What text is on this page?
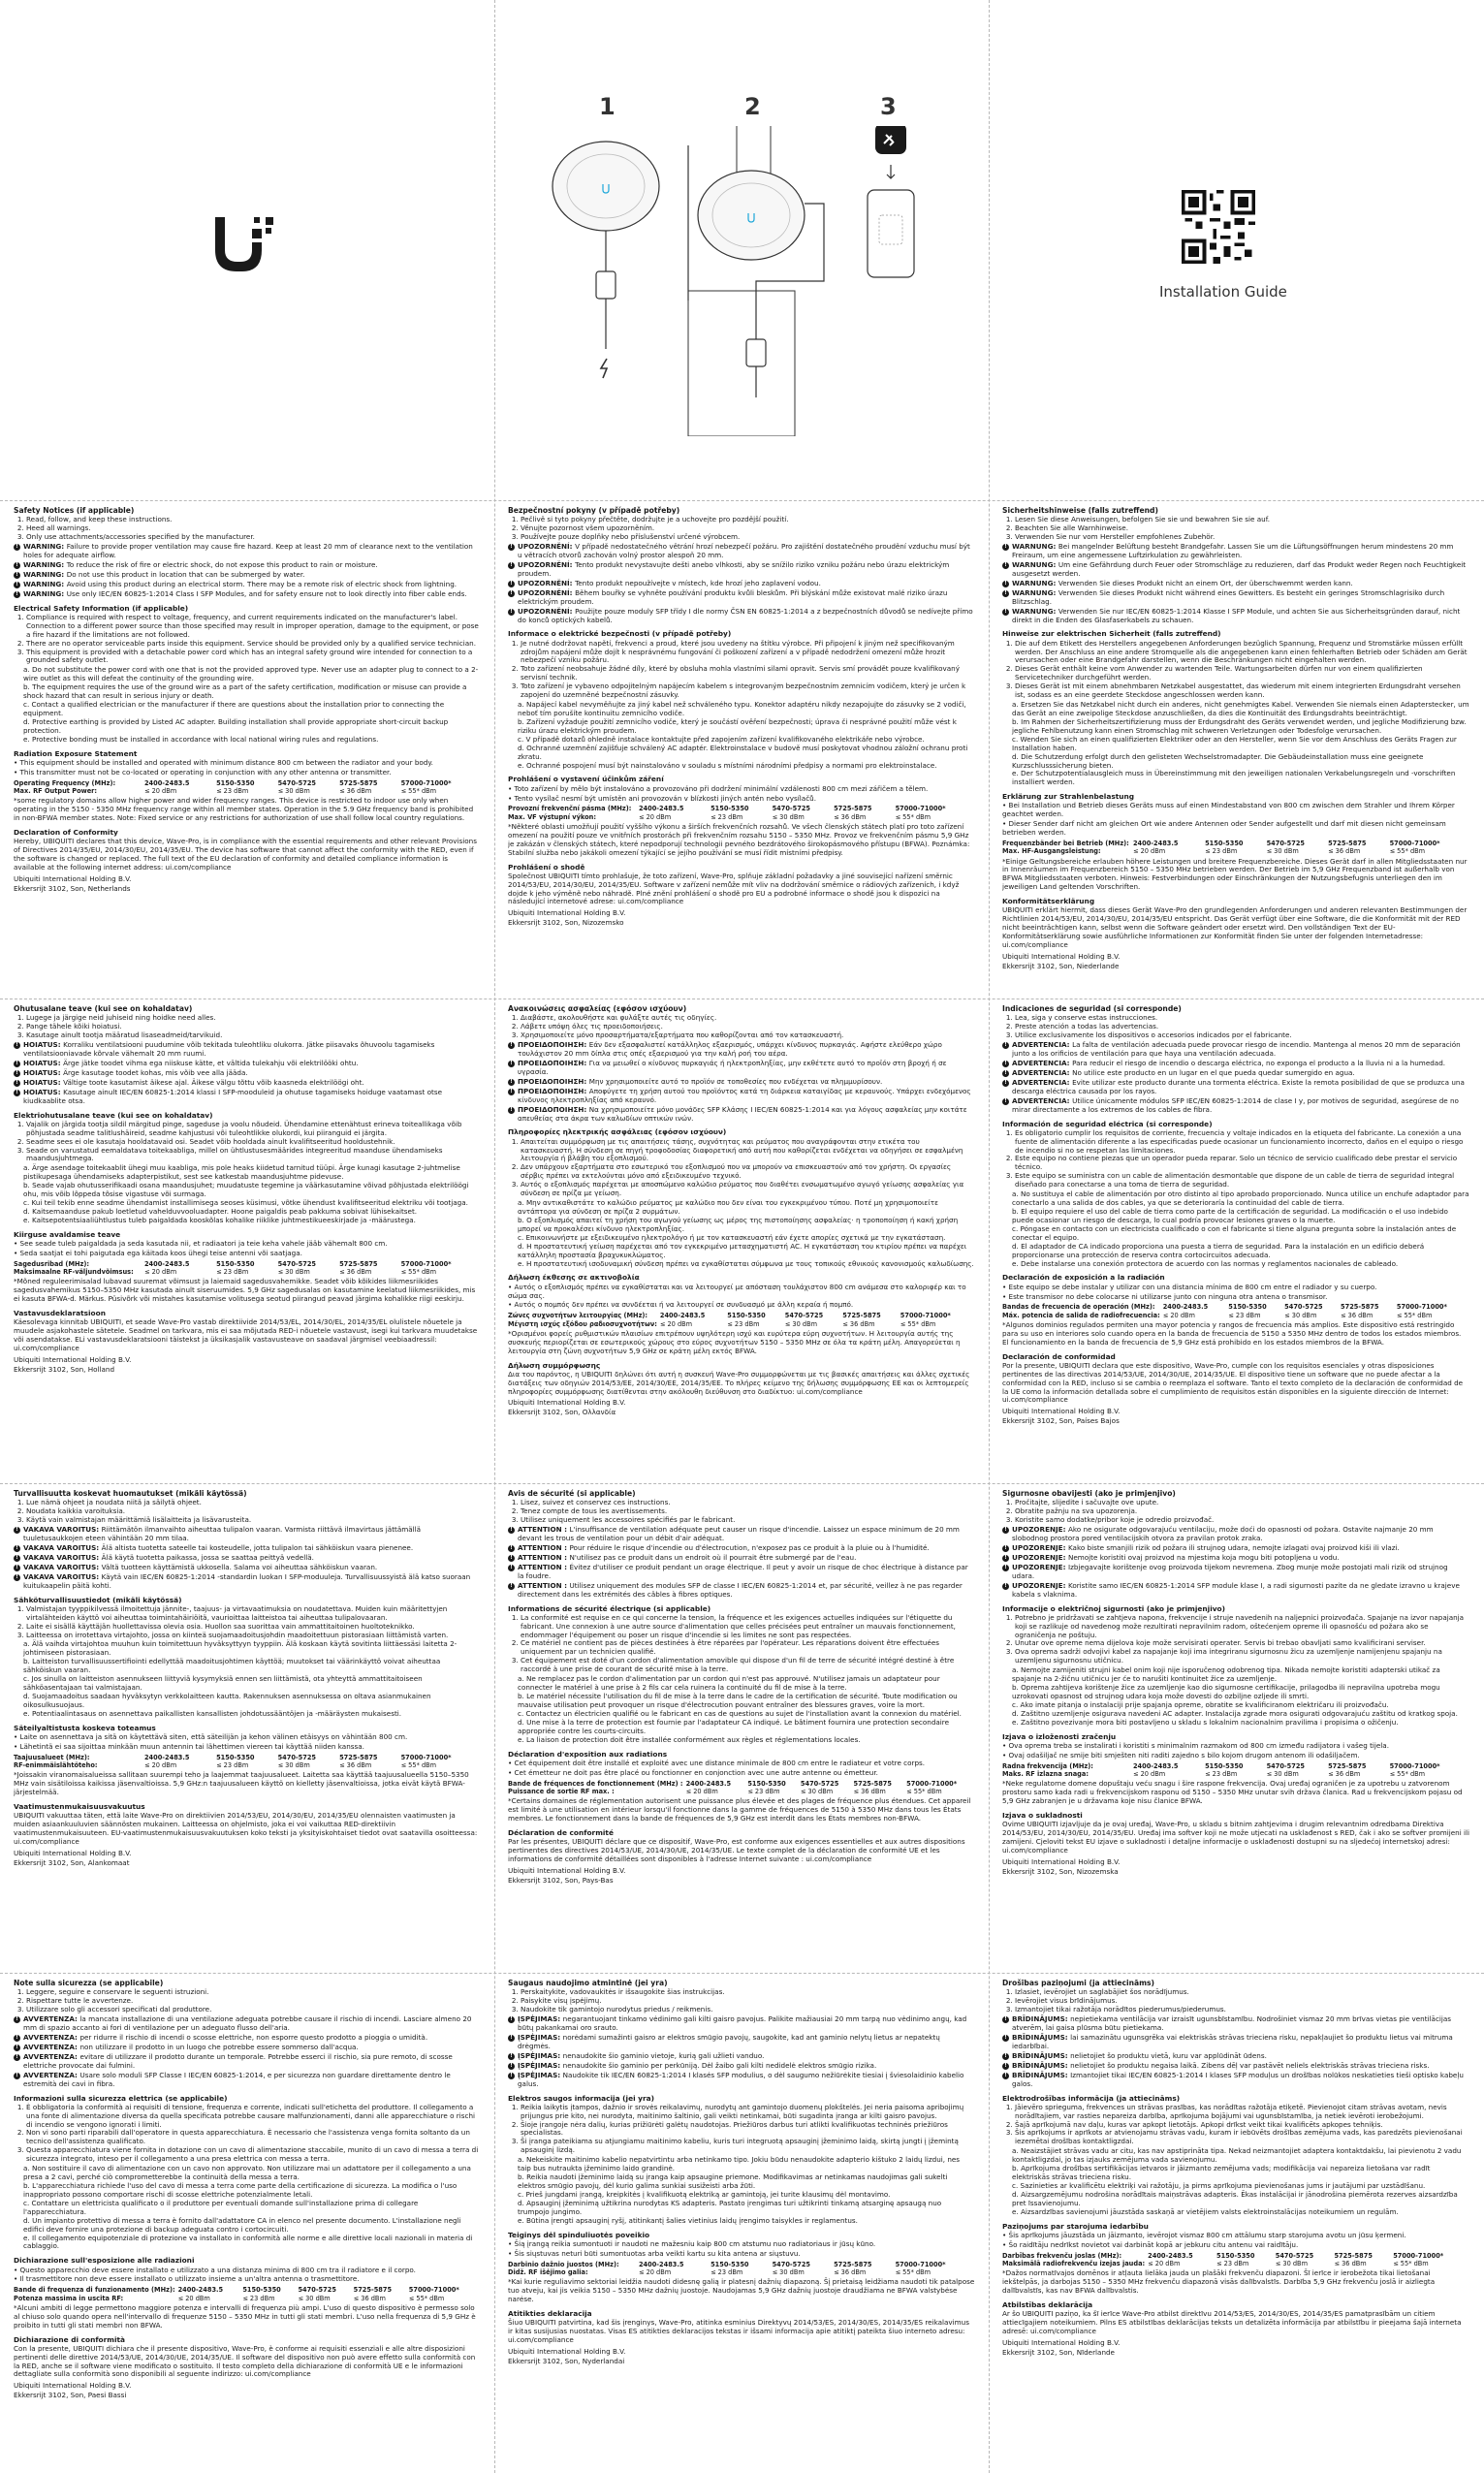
1	2	3
Installation Guide
Safety Notices (if applicable)
1. Read, follow, and keep these instructions.
2. Heed all warnings.
3. Only use attachments/accessories specified by the manufacturer.
! WARNING: Failure to provide proper ventilation may cause fire hazard. Keep at least 20 mm of clearance next to the ventilation holes for adequate airflow.
! WARNING: To reduce the risk of fire or electric shock, do not expose this product to rain or moisture.
! WARNING: Do not use this product in location that can be submerged by water.
! WARNING: Avoid using this product during an electrical storm. There may be a remote risk of electric shock from lightning.
! WARNING: Use only IEC/EN 60825-1:2014 Class I SFP Modules, and for safety ensure not to look directly into fiber cable ends.
Electrical Safety Information (if applicable)
1. Compliance is required with respect to voltage, frequency, and current requirements indicated on the manufacturer's label. Connection to a different power source than those specified may result in improper operation, damage to the equipment, or pose a fire hazard if the limitations are not followed.
2. There are no operator serviceable parts inside this equipment. Service should be provided only by a qualified service technician.
3. This equipment is provided with a detachable power cord which has an integral safety ground wire intended for connection to a grounded safety outlet.
a. Do not substitute the power cord with one that is not the provided approved type. Never use an adapter plug to connect to a 2-wire outlet as this will defeat the continuity of the grounding wire.
b. The equipment requires the use of the ground wire as a part of the safety certification, modification or misuse can provide a shock hazard that can result in serious injury or death.
c. Contact a qualified electrician or the manufacturer if there are questions about the installation prior to connecting the equipment.
d. Protective earthing is provided by Listed AC adapter. Building installation shall provide appropriate short-circuit backup protection.
e. Protective bonding must be installed in accordance with local national wiring rules and regulations.
Radiation Exposure Statement

• This equipment should be installed and operated with minimum distance 800 cm between the radiator and your body.

• This transmitter must not be co-located or operating in conjunction with any other antenna or transmitter.

Operating Frequency (MHz):	2400-2483.5	5150-5350	5470-5725	5725-5875	57000-71000*
Max. RF Output Power:	≤ 20 dBm	≤ 23 dBm	≤ 30 dBm	≤ 36 dBm	≤ 55* dBm

*some regulatory domains allow higher power and wider frequency ranges. This device is restricted to indoor use only when operating in the 5150 - 5350 MHz frequency range within all member states. Operation in the 5.9 GHz frequency band is prohibited in non-BFWA member states. Note: Fixed service or any restrictions for authorization of use shall follow local country regulations.

Declaration of Conformity

Hereby, UBIQUITI declares that this device, Wave-Pro, is in compliance with the essential requirements and other relevant Provisions of Directives 2014/35/EU, 2014/30/EU, 2014/35/EU. The device has software that cannot affect the conformity with the RED, even if the software is changed or replaced. The full text of the EU declaration of conformity and detailed compliance information is available at the following internet address: ui.com/compliance

Ubiquiti International Holding B.V.

Ekkersrijt 3102, Son, Netherlands

Bezpečnostní pokyny (v případě potřeby)
1. Pečlivě si tyto pokyny přečtěte, dodržujte je a uchovejte pro pozdější použití.
2. Věnujte pozornost všem upozorněním.
3. Používejte pouze doplňky nebo příslušenství určené výrobcem.
! UPOZORNĚNÍ: V případě nedostatečného větrání hrozí nebezpečí požáru. Pro zajištění dostatečného proudění vzduchu musí být u větracích otvorů zachován volný prostor alespoň 20 mm.
! UPOZORNĚNÍ: Tento produkt nevystavujte dešti anebo vlhkosti, aby se snížilo riziko vzniku požáru nebo úrazu elektrickým proudem.
! UPOZORNĚNÍ: Tento produkt nepoužívejte v místech, kde hrozí jeho zaplavení vodou.
! UPOZORNĚNÍ: Během bouřky se vyhněte používání produktu kvůli bleskům. Při blýskání může existovat malé riziko úrazu elektrickým proudem.
! UPOZORNĚNÍ: Použijte pouze moduly SFP třídy I dle normy ČSN EN 60825-1:2014 a z bezpečnostních důvodů se nedívejte přímo do konců optických kabelů.
Informace o elektrické bezpečnosti (v případě potřeby)
1. Je nutné dodržovat napětí, frekvenci a proud, které jsou uvedeny na štítku výrobce. Při připojení k jiným než specifikovaným zdrojům napájení může dojít k nesprávnému fungování či poškození zařízení a v případě nedodržení omezení může hrozit nebezpečí vzniku požáru.
2. Toto zařízení neobsahuje žádné díly, které by obsluha mohla vlastními silami opravit. Servis smí provádět pouze kvalifikovaný servisní technik.
3. Toto zařízení je vybaveno odpojitelným napájecím kabelem s integrovaným bezpečnostním zemnicím vodičem, který je určen k zapojení do uzemněné bezpečnostní zásuvky.
a. Napájecí kabel nevyměňujte za jiný kabel než schváleného typu. Konektor adaptéru nikdy nezapojujte do zásuvky se 2 vodiči, neboť tím porušíte kontinuitu zemnicího vodiče.
b. Zařízení vyžaduje použití zemnicího vodiče, který je součástí ověření bezpečnosti; úprava či nesprávné použití může vést k riziku úrazu elektrickým proudem.
c. V případě dotazů ohledně instalace kontaktujte před zapojením zařízení kvalifikovaného elektrikáře nebo výrobce.
d. Ochranné uzemnění zajišťuje schválený AC adaptér. Elektroinstalace v budově musí poskytovat vhodnou záložní ochranu proti zkratu.
e. Ochranné pospojení musí být nainstalováno v souladu s místními národními předpisy a normami pro elektroinstalace.
Prohlášení o vystavení účinkům záření

• Toto zařízení by mělo být instalováno a provozováno při dodržení minimální vzdálenosti 800 cm mezi zářičem a tělem.

• Tento vysílač nesmí být umístěn ani provozován v blízkosti jiných antén nebo vysílačů.

Provozní frekvenční pásma (MHz):	2400-2483.5	5150-5350	5470-5725	5725-5875	57000-71000*
Max. VF výstupní výkon:	≤ 20 dBm	≤ 23 dBm	≤ 30 dBm	≤ 36 dBm	≤ 55* dBm

*Některé oblasti umožňují použití vyššího výkonu a širších frekvenčních rozsahů. Ve všech členských státech platí pro toto zařízení omezení na použití pouze ve vnitřních prostorách při frekvenčním rozsahu 5150 – 5350 MHz. Provoz ve frekvenčním pásmu 5,9 GHz je zakázán v členských státech, které nepodporují technologii pevného bezdrátového širokopásmového přístupu (BFWA). Poznámka: Stabilní služba nebo jakákoli omezení týkající se jejího používání se musí řídit místními předpisy.

Prohlášení o shodě

Společnost UBIQUITI tímto prohlašuje, že toto zařízení, Wave-Pro, splňuje základní požadavky a jiné související nařízení směrnic 2014/53/EU, 2014/30/EU, 2014/35/EU. Software v zařízení nemůže mít vliv na dodržování směrnice o rádiových zařízeních, i když dojde k jeho výměně nebo náhradě. Plné znění prohlášení o shodě pro EU a podrobné informace o shodě jsou k dispozici na následující internetové adrese: ui.com/compliance

Ubiquiti International Holding B.V.

Ekkersrijt 3102, Son, Nizozemsko

Sicherheitshinweise (falls zutreffend)
1. Lesen Sie diese Anweisungen, befolgen Sie sie und bewahren Sie sie auf.
2. Beachten Sie alle Warnhinweise.
3. Verwenden Sie nur vom Hersteller empfohlenes Zubehör.
! WARNUNG: Bei mangelnder Belüftung besteht Brandgefahr. Lassen Sie um die Lüftungsöffnungen herum mindestens 20 mm Freiraum, um eine angemessene Luftzirkulation zu gewährleisten.
! WARNUNG: Um eine Gefährdung durch Feuer oder Stromschläge zu reduzieren, darf das Produkt weder Regen noch Feuchtigkeit ausgesetzt werden.
! WARNUNG: Verwenden Sie dieses Produkt nicht an einem Ort, der überschwemmt werden kann.
! WARNUNG: Verwenden Sie dieses Produkt nicht während eines Gewitters. Es besteht ein geringes Stromschlagrisiko durch Blitzschlag.
! WARNUNG: Verwenden Sie nur IEC/EN 60825-1:2014 Klasse I SFP Module, und achten Sie aus Sicherheitsgründen darauf, nicht direkt in die Enden des Glasfaserkabels zu schauen.
Hinweise zur elektrischen Sicherheit (falls zutreffend)
1. Die auf dem Etikett des Herstellers angegebenen Anforderungen bezüglich Spannung, Frequenz und Stromstärke müssen erfüllt werden. Der Anschluss an eine andere Stromquelle als die angegebenen kann einen fehlerhaften Betrieb oder Schäden am Gerät verursachen oder eine Brandgefahr darstellen, wenn die Beschränkungen nicht eingehalten werden.
2. Dieses Gerät enthält keine vom Anwender zu wartenden Teile. Wartungsarbeiten dürfen nur von einem qualifizierten Servicetechniker durchgeführt werden.
3. Dieses Gerät ist mit einem abnehmbaren Netzkabel ausgestattet, das wiederum mit einem integrierten Erdungsdraht versehen ist, sodass es an eine geerdete Steckdose angeschlossen werden kann.
a. Ersetzen Sie das Netzkabel nicht durch ein anderes, nicht genehmigtes Kabel. Verwenden Sie niemals einen Adapterstecker, um das Gerät an eine zweipolige Steckdose anzuschließen, da dies die Kontinuität des Erdungsdrahts beeinträchtigt.
b. Im Rahmen der Sicherheitszertifizierung muss der Erdungsdraht des Geräts verwendet werden, und jegliche Modifizierung bzw. jegliche Fehlbenutzung kann einen Stromschlag mit schweren Verletzungen oder Todesfolge verursachen.
c. Wenden Sie sich an einen qualifizierten Elektriker oder an den Hersteller, wenn Sie vor dem Anschluss des Geräts Fragen zur Installation haben.
d. Die Schutzerdung erfolgt durch den gelisteten Wechselstromadapter. Die Gebäudeinstallation muss eine geeignete Kurzschlusssicherung bieten.
e. Der Schutzpotentialausgleich muss in Übereinstimmung mit den jeweiligen nationalen Verkabelungsregeln und -vorschriften installiert werden.
Erklärung zur Strahlenbelastung

• Bei Installation und Betrieb dieses Geräts muss auf einen Mindestabstand von 800 cm zwischen dem Strahler und Ihrem Körper geachtet werden.

• Dieser Sender darf nicht am gleichen Ort wie andere Antennen oder Sender aufgestellt und darf mit diesen nicht gemeinsam betrieben werden.

Frequenzbänder bei Betrieb (MHz):	2400-2483.5	5150-5350	5470-5725	5725-5875	57000-71000*
Max. HF-Ausgangsleistung:	≤ 20 dBm	≤ 23 dBm	≤ 30 dBm	≤ 36 dBm	≤ 55* dBm

*Einige Geltungsbereiche erlauben höhere Leistungen und breitere Frequenzbereiche. Dieses Gerät darf in allen Mitgliedsstaaten nur in Innenräumen im Frequenzbereich 5150 – 5350 MHz betrieben werden. Der Betrieb im 5,9 GHz Frequenzband ist außerhalb von BFWA Mitgliedsstaaten verboten. Hinweis: Festverbindungen oder Einschränkungen der Nutzungsbefugnis unterliegen den im jeweiligen Land geltenden Vorschriften.

Konformitätserklärung

UBIQUITI erklärt hiermit, dass dieses Gerät Wave-Pro den grundlegenden Anforderungen und anderen relevanten Bestimmungen der Richtlinien 2014/53/EU, 2014/30/EU, 2014/35/EU entspricht. Das Gerät verfügt über eine Software, die die Konformität mit der RED nicht beeinträchtigen kann, selbst wenn die Software geändert oder ersetzt wird. Den vollständigen Text der EU-Konformitätserklärung sowie ausführliche Informationen zur Konformität finden Sie unter der folgenden Internetadresse: ui.com/compliance

Ubiquiti International Holding B.V.

Ekkersrijt 3102, Son, Niederlande

Ohutusalane teave (kui see on kohaldatav)
1. Lugege ja järgige neid juhiseid ning hoidke need alles.
2. Pange tähele kõiki hoiatusi.
3. Kasutage ainult tootja määratud lisaseadmeid/tarvikuid.
! HOIATUS: Korraliku ventilatsiooni puudumine võib tekitada tuleohtliku olukorra. Jätke piisavaks õhuvoolu tagamiseks ventilatsiooniavade kõrvale vähemalt 20 mm ruumi.
! HOIATUS: Ärge jätke toodet vihma ega niiskuse kätte, et vältida tulekahju või elektrilööki ohtu.
! HOIATUS: Ärge kasutage toodet kohas, mis võib vee alla jääda.
! HOIATUS: Vältige toote kasutamist äikese ajal. Äikese välgu tõttu võib kaasneda elektrilöögi oht.
! HOIATUS: Kasutage ainult IEC/EN 60825-1:2014 klassi I SFP-mooduleid ja ohutuse tagamiseks hoiduge vaatamast otse kiudkaablite otsa.
Elektriohutusalane teave (kui see on kohaldatav)
1. Vajalik on järgida tootja sildil märgitud pinge, sageduse ja voolu nõudeid. Ühendamine ettenähtust erineva toiteallikaga võib põhjustada seadme talitlushäireid, seadme kahjustusi või tuleohtlikke olukordi, kui piiranguid ei järgita.
2. Seadme sees ei ole kasutaja hooldatavaid osi. Seadet võib hooldada ainult kvalifitseeritud hooldustehnik.
3. Seade on varustatud eemaldatava toitekaabliga, millel on ühtlustusesmäärides integreeritud maanduse ühendamiseks maandusjuhtmega.
a. Ärge asendage toitekaablit ühegi muu kaabliga, mis pole heaks kiidetud tarnitud tüüpi. Ärge kunagi kasutage 2-juhtmelise pistikupesaga ühendamiseks adapterpistikut, sest see katkestab maandusjuhtme pidevuse.
b. Seade vajab ohutusserifikaadi osana maandusjuhet; muudatuste tegemine ja väärkasutamine võivad põhjustada elektrilöögi ohu, mis võib lõppeda tõsise vigastuse või surmaga.
c. Kui teil tekib enne seadme ühendamist installimisega seoses küsimusi, võtke ühendust kvalifitseeritud elektriku või tootjaga.
d. Kaitsemaanduse pakub loetletud vahelduvvooluadapter. Hoone paigaldis peab pakkuma sobivat lühisekaitset.
e. Kaitsepotentsiaaliühtlustus tuleb paigaldada kooskõlas kohalike riiklike juhtmestikueeskirjade ja -määrustega.
Kiirguse avaldamise teave

• See seade tuleb paigaldada ja seda kasutada nii, et radiaatori ja teie keha vahele jääb vähemalt 800 cm.

• Seda saatjat ei tohi paigutada ega käitada koos ühegi teise antenni või saatjaga.

Sagedusribad (MHz):	2400-2483.5	5150-5350	5470-5725	5725-5875	57000-71000*
Maksimaalne RF-väljundvõimsus:	≤ 20 dBm	≤ 23 dBm	≤ 30 dBm	≤ 36 dBm	≤ 55* dBm

*Mõned reguleerimisalad lubavad suuremat võimsust ja laiemaid sagedusvahemikke. Seadet võib kõikides liikmesriikides sagedusvahemikus 5150–5350 MHz kasutada ainult siseruumides. 5,9 GHz sagedusalas on kasutamine keelatud liikmesriikides, mis ei kasuta BFWA-d. Märkus. Püsivõrk või mistahes kasutamise volitusega seotud piirangud peavad järgima kohalikke riigi eeskirju.

Vastavusdeklaratsioon

Käesolevaga kinnitab UBIQUITI, et seade Wave-Pro vastab direktiivide 2014/53/EL, 2014/30/EL, 2014/35/EL olulistele nõuetele ja muudele asjakohastele sätetele. Seadmel on tarkvara, mis ei saa mõjutada RED-i nõuetele vastavust, isegi kui tarkvara muudetakse või asendatakse. ELi vastavusdeklaratsiooni täistekst ja üksikasjalik vastavusteave on saadaval järgmisel veebiaadressil: ui.com/compliance

Ubiquiti International Holding B.V.

Ekkersrijt 3102, Son, Holland

Ανακοινώσεις ασφαλείας (εφόσον ισχύουν)
1. Διαβάστε, ακολουθήστε και φυλάξτε αυτές τις οδηγίες.
2. Λάβετε υπόψη όλες τις προειδοποιήσεις.
3. Χρησιμοποιείτε μόνο προσαρτήματα/εξαρτήματα που καθορίζονται από τον κατασκευαστή.
! ΠΡΟΕΙΔΟΠΟΙΗΣΗ: Εάν δεν εξασφαλιστεί κατάλληλος εξαερισμός, υπάρχει κίνδυνος πυρκαγιάς. Αφήστε ελεύθερο χώρο τουλάχιστον 20 mm δίπλα στις οπές εξαερισμού για την καλή ροή του αέρα.
! ΠΡΟΕΙΔΟΠΟΙΗΣΗ: Για να μειωθεί ο κίνδυνος πυρκαγιάς ή ηλεκτροπληξίας, μην εκθέτετε αυτό το προϊόν στη βροχή ή σε υγρασία.
! ΠΡΟΕΙΔΟΠΟΙΗΣΗ: Μην χρησιμοποιείτε αυτό το προϊόν σε τοποθεσίες που ενδέχεται να πλημμυρίσουν.
! ΠΡΟΕΙΔΟΠΟΙΗΣΗ: Αποφύγετε τη χρήση αυτού του προϊόντος κατά τη διάρκεια καταιγίδας με κεραυνούς. Υπάρχει ενδεχόμενος κίνδυνος ηλεκτροπληξίας από κεραυνό.
! ΠΡΟΕΙΔΟΠΟΙΗΣΗ: Να χρησιμοποιείτε μόνο μονάδες SFP Κλάσης I IEC/EN 60825-1:2014 και για λόγους ασφαλείας μην κοιτάτε απευθείας στα άκρα των καλωδίων οπτικών ινών.
Πληροφορίες ηλεκτρικής ασφάλειας (εφόσον ισχύουν)
1. Απαιτείται συμμόρφωση με τις απαιτήσεις τάσης, συχνότητας και ρεύματος που αναγράφονται στην ετικέτα του κατασκευαστή. Η σύνδεση σε πηγή τροφοδοσίας διαφορετική από αυτή που καθορίζεται ενδέχεται να οδηγήσει σε εσφαλμένη λειτουργία ή βλάβη του εξοπλισμού.
2. Δεν υπάρχουν εξαρτήματα στο εσωτερικό του εξοπλισμού που να μπορούν να επισκευαστούν από τον χρήστη. Οι εργασίες σέρβις πρέπει να εκτελούνται μόνο από εξειδικευμένο τεχνικό.
3. Αυτός ο εξοπλισμός παρέχεται με αποσπώμενο καλώδιο ρεύματος που διαθέτει ενσωματωμένο αγωγό γείωσης ασφαλείας για σύνδεση σε πρίζα με γείωση.
a. Μην αντικαθιστάτε το καλώδιο ρεύματος με καλώδιο που δεν είναι του εγκεκριμένου τύπου. Ποτέ μη χρησιμοποιείτε αντάπτορα για σύνδεση σε πρίζα 2 συρμάτων.
b. Ο εξοπλισμός απαιτεί τη χρήση του αγωγού γείωσης ως μέρος της πιστοποίησης ασφαλείας· η τροποποίηση ή κακή χρήση μπορεί να προκαλέσει κίνδυνο ηλεκτροπληξίας.
c. Επικοινωνήστε με εξειδικευμένο ηλεκτρολόγο ή με τον κατασκευαστή εάν έχετε απορίες σχετικά με την εγκατάσταση.
d. Η προστατευτική γείωση παρέχεται από τον εγκεκριμένο μετασχηματιστή AC. Η εγκατάσταση του κτιρίου πρέπει να παρέχει κατάλληλη προστασία βραχυκυκλώματος.
e. Η προστατευτική ισοδυναμική σύνδεση πρέπει να εγκαθίσταται σύμφωνα με τους τοπικούς εθνικούς κανονισμούς καλωδίωσης.
Δήλωση έκθεσης σε ακτινοβολία

• Αυτός ο εξοπλισμός πρέπει να εγκαθίσταται και να λειτουργεί με απόσταση τουλάχιστον 800 cm ανάμεσα στο καλοριφέρ και το σώμα σας.

• Αυτός ο πομπός δεν πρέπει να συνδέεται ή να λειτουργεί σε συνδυασμό με άλλη κεραία ή πομπό.

Ζώνες συχνοτήτων λειτουργίας (MHz):	2400-2483.5	5150-5350	5470-5725	5725-5875	57000-71000*
Μέγιστη ισχύς εξόδου ραδιοσυχνοτήτων:	≤ 20 dBm	≤ 23 dBm	≤ 30 dBm	≤ 36 dBm	≤ 55* dBm

*Ορισμένοι φορείς ρυθμιστικών πλαισίων επιτρέπουν υψηλότερη ισχύ και ευρύτερα εύρη συχνοτήτων. Η λειτουργία αυτής της συσκευής περιορίζεται σε εσωτερικούς χώρους στο εύρος συχνοτήτων 5150 – 5350 MHz σε όλα τα κράτη μέλη. Απαγορεύεται η λειτουργία στη ζώνη συχνοτήτων 5,9 GHz σε κράτη μέλη εκτός BFWA.

Δήλωση συμμόρφωσης

Δια του παρόντος, η UBIQUITI δηλώνει ότι αυτή η συσκευή Wave-Pro συμμορφώνεται με τις βασικές απαιτήσεις και άλλες σχετικές διατάξεις των οδηγιών 2014/53/ΕΕ, 2014/30/ΕΕ, 2014/35/ΕΕ. Το πλήρες κείμενο της δήλωσης συμμόρφωσης ΕΕ και οι λεπτομερείς πληροφορίες συμμόρφωσης διατίθενται στην ακόλουθη διεύθυνση στο διαδίκτυο: ui.com/compliance

Ubiquiti International Holding B.V.

Ekkersrijt 3102, Son, Ολλανδία

Indicaciones de seguridad (si corresponde)
1. Lea, siga y conserve estas instrucciones.
2. Preste atención a todas las advertencias.
3. Utilice exclusivamente los dispositivos o accesorios indicados por el fabricante.
! ADVERTENCIA: La falta de ventilación adecuada puede provocar riesgo de incendio. Mantenga al menos 20 mm de separación junto a los orificios de ventilación para que haya una ventilación adecuada.
! ADVERTENCIA: Para reducir el riesgo de incendio o descarga eléctrica, no exponga el producto a la lluvia ni a la humedad.
! ADVERTENCIA: No utilice este producto en un lugar en el que pueda quedar sumergido en agua.
! ADVERTENCIA: Evite utilizar este producto durante una tormenta eléctrica. Existe la remota posibilidad de que se produzca una descarga eléctrica causada por los rayos.
! ADVERTENCIA: Utilice únicamente módulos SFP IEC/EN 60825-1:2014 de clase I y, por motivos de seguridad, asegúrese de no mirar directamente a los extremos de los cables de fibra.
Información de seguridad eléctrica (si corresponde)
1. Es obligatorio cumplir los requisitos de corriente, frecuencia y voltaje indicados en la etiqueta del fabricante. La conexión a una fuente de alimentación diferente a las especificadas puede ocasionar un funcionamiento incorrecto, daños en el equipo o riesgo de incendio si no se respetan las limitaciones.
2. Este equipo no contiene piezas que un operador pueda reparar. Solo un técnico de servicio cualificado debe prestar el servicio técnico.
3. Este equipo se suministra con un cable de alimentación desmontable que dispone de un cable de tierra de seguridad integral diseñado para conectarse a una toma de tierra de seguridad.
a. No sustituya el cable de alimentación por otro distinto al tipo aprobado proporcionado. Nunca utilice un enchufe adaptador para conectarlo a una salida de dos cables, ya que se deterioraría la continuidad del cable de tierra.
b. El equipo requiere el uso del cable de tierra como parte de la certificación de seguridad. La modificación o el uso indebido puede ocasionar un riesgo de descarga, lo cual podría provocar lesiones graves o la muerte.
c. Póngase en contacto con un electricista cualificado o con el fabricante si tiene alguna pregunta sobre la instalación antes de conectar el equipo.
d. El adaptador de CA indicado proporciona una puesta a tierra de seguridad. Para la instalación en un edificio deberá proporcionarse una protección de reserva contra cortocircuitos adecuada.
e. Debe instalarse una conexión protectora de acuerdo con las normas y reglamentos nacionales de cableado.
Declaración de exposición a la radiación

• Este equipo se debe instalar y utilizar con una distancia mínima de 800 cm entre el radiador y su cuerpo.

• Este transmisor no debe colocarse ni utilizarse junto con ninguna otra antena o transmisor.

Bandas de frecuencia de operación (MHz):	2400-2483.5	5150-5350	5470-5725	5725-5875	57000-71000*
Máx. potencia de salida de radiofrecuencia:	≤ 20 dBm	≤ 23 dBm	≤ 30 dBm	≤ 36 dBm	≤ 55* dBm

*Algunos dominios regulados permiten una mayor potencia y rangos de frecuencia más amplios. Este dispositivo está restringido para su uso en interiores solo cuando opera en la banda de frecuencia de 5150 a 5350 MHz dentro de todos los estados miembros. El funcionamiento en la banda de frecuencia de 5,9 GHz está prohibido en los estados miembros de la BFWA.

Declaración de conformidad

Por la presente, UBIQUITI declara que este dispositivo, Wave-Pro, cumple con los requisitos esenciales y otras disposiciones pertinentes de las directivas 2014/53/UE, 2014/30/UE, 2014/35/UE. El dispositivo tiene un software que no puede afectar a la conformidad con la RED, incluso si se cambia o reemplaza el software. Tanto el texto completo de la declaración de conformidad de la UE como la información detallada sobre el cumplimiento de requisitos están disponibles en la siguiente dirección de Internet: ui.com/compliance

Ubiquiti International Holding B.V.

Ekkersrijt 3102, Son, Países Bajos

Turvallisuutta koskevat huomautukset (mikäli käytössä)
1. Lue nämä ohjeet ja noudata niitä ja säilytä ohjeet.
2. Noudata kaikkia varoituksia.
3. Käytä vain valmistajan määrittämiä lisälaitteita ja lisävarusteita.
! VAKAVA VAROITUS: Riittämätön ilmanvaihto aiheuttaa tulipalon vaaran. Varmista riittävä ilmavirtaus jättämällä tuuletusaukkojen eteen vähintään 20 mm tilaa.
! VAKAVA VAROITUS: Älä altista tuotetta sateelle tai kosteudelle, jotta tulipalon tai sähköiskun vaara pienenee.
! VAKAVA VAROITUS: Älä käytä tuotetta paikassa, jossa se saattaa peittyä vedellä.
! VAKAVA VAROITUS: Vältä tuotteen käyttämistä ukkosella. Salama voi aiheuttaa sähköiskun vaaran.
! VAKAVA VAROITUS: Käytä vain IEC/EN 60825-1:2014 -standardin luokan I SFP-moduuleja. Turvallisuussyistä älä katso suoraan kuitukaapelin päitä kohti.
Sähköturvallisuustiedot (mikäli käytössä)
1. Valmistajan tyyppikilvessä ilmoitettuja jännite-, taajuus- ja virtavaatimuksia on noudatettava. Muiden kuin määritettyjen virtalähteiden käyttö voi aiheuttaa toimintahäiriöitä, vaurioittaa laitteistoa tai aiheuttaa tulipalovaaran.
2. Laite ei sisällä käyttäjän huollettavissa olevia osia. Huollon saa suorittaa vain ammattitaitoinen huoltoteknikko.
3. Laitteessa on irrotettava virtajohto, jossa on kiinteä suojamaadoitusjohdin maadoitettuun pistorasiaan liittämistä varten.
a. Älä vaihda virtajohtoa muuhun kuin toimitettuun hyväksyttyyn tyyppiin. Älä koskaan käytä sovitinta liittäessäsi laitetta 2-johtimiseen pistorasiaan.
b. Laitteiston turvallisuussertifiointi edellyttää maadoitusjohtimen käyttöä; muutokset tai väärinkäyttö voivat aiheuttaa sähköiskun vaaran.
c. Jos sinulla on laitteiston asennukseen liittyviä kysymyksiä ennen sen liittämistä, ota yhteyttä ammattitaitoiseen sähköasentajaan tai valmistajaan.
d. Suojamaadoitus saadaan hyväksytyn verkkolaitteen kautta. Rakennuksen asennuksessa on oltava asianmukainen oikosulkusuojaus.
e. Potentiaalintasaus on asennettava paikallisten kansallisten johdotussääntöjen ja -määräysten mukaisesti.
Säteilyaltistusta koskeva toteamus

• Laite on asennettava ja sitä on käytettävä siten, että säteilijän ja kehon välinen etäisyys on vähintään 800 cm.

• Lähetintä ei saa sijoittaa minkään muun antennin tai lähettimen viereen tai käyttää niiden kanssa.

Taajuusalueet (MHz):	2400-2483.5	5150-5350	5470-5725	5725-5875	57000-71000*
RF-enimmäislähtöteho:	≤ 20 dBm	≤ 23 dBm	≤ 30 dBm	≤ 36 dBm	≤ 55* dBm

*Joissakin viranomaisalueissa sallitaan suurempi teho ja laajemmat taajuusalueet. Laitetta saa käyttää taajuusalueella 5150–5350 MHz vain sisätiloissa kaikissa jäsenvaltioissa. 5,9 GHz:n taajuusalueen käyttö on kielletty jäsenvaltioissa, jotka eivät käytä BFWA-järjestelmää.

Vaatimustenmukaisuusvakuutus

UBIQUITI vakuuttaa täten, että laite Wave-Pro on direktiivien 2014/53/EU, 2014/30/EU, 2014/35/EU olennaisten vaatimusten ja muiden asiaankuuluvien säännösten mukainen. Laitteessa on ohjelmisto, joka ei voi vaikuttaa RED-direktiivin vaatimustenmukaisuuteen. EU-vaatimustenmukaisuusvakuutuksen koko teksti ja yksityiskohtaiset tiedot ovat saatavilla osoitteessa: ui.com/compliance

Ubiquiti International Holding B.V.

Ekkersrijt 3102, Son, Alankomaat

Avis de sécurité (si applicable)
1. Lisez, suivez et conservez ces instructions.
2. Tenez compte de tous les avertissements.
3. Utilisez uniquement les accessoires spécifiés par le fabricant.
! ATTENTION : L'insuffisance de ventilation adéquate peut causer un risque d'incendie. Laissez un espace minimum de 20 mm devant les trous de ventilation pour un débit d'air adéquat.
! ATTENTION : Pour réduire le risque d'incendie ou d'électrocution, n'exposez pas ce produit à la pluie ou à l'humidité.
! ATTENTION : N'utilisez pas ce produit dans un endroit où il pourrait être submergé par de l'eau.
! ATTENTION : Évitez d'utiliser ce produit pendant un orage électrique. Il peut y avoir un risque de choc électrique à distance par la foudre.
! ATTENTION : Utilisez uniquement des modules SFP de classe I IEC/EN 60825-1:2014 et, par sécurité, veillez à ne pas regarder directement dans les extrémités des câbles à fibres optiques.
Informations de sécurité électrique (si applicable)
1. La conformité est requise en ce qui concerne la tension, la fréquence et les exigences actuelles indiquées sur l'étiquette du fabricant. Une connexion à une autre source d'alimentation que celles précisées peut entraîner un mauvais fonctionnement, endommager l'équipement ou poser un risque d'incendie si les limites ne sont pas respectées.
2. Ce matériel ne contient pas de pièces destinées à être réparées par l'opérateur. Les réparations doivent être effectuées uniquement par un technicien qualifié.
3. Cet équipement est doté d'un cordon d'alimentation amovible qui dispose d'un fil de terre de sécurité intégré destiné à être raccordé à une prise de courant de sécurité mise à la terre.
a. Ne remplacez pas le cordon d'alimentation par un cordon qui n'est pas approuvé. N'utilisez jamais un adaptateur pour connecter le matériel à une prise à 2 fils car cela ruinera la continuité du fil de mise à la terre.
b. Le matériel nécessite l'utilisation du fil de mise à la terre dans le cadre de la certification de sécurité. Toute modification ou mauvaise utilisation peut provoquer un risque d'électrocution pouvant entraîner des blessures graves, voire la mort.
c. Contactez un électricien qualifié ou le fabricant en cas de questions au sujet de l'installation avant la connexion du matériel.
d. Une mise à la terre de protection est fournie par l'adaptateur CA indiqué. Le bâtiment fournira une protection secondaire appropriée contre les courts-circuits.
e. La liaison de protection doit être installée conformément aux règles et réglementations locales.
Déclaration d'exposition aux radiations

• Cet équipement doit être installé et exploité avec une distance minimale de 800 cm entre le radiateur et votre corps.

• Cet émetteur ne doit pas être placé ou fonctionner en conjonction avec une autre antenne ou émetteur.

Bande de fréquences de fonctionnement (MHz) :	2400-2483.5	5150-5350	5470-5725	5725-5875	57000-71000*
Puissance de sortie RF max. :	≤ 20 dBm	≤ 23 dBm	≤ 30 dBm	≤ 36 dBm	≤ 55* dBm

*Certains domaines de réglementation autorisent une puissance plus élevée et des plages de fréquence plus étendues. Cet appareil est limité à une utilisation en intérieur lorsqu'il fonctionne dans la gamme de fréquences de 5150 à 5350 MHz dans tous les États membres. Le fonctionnement dans la bande de fréquences de 5,9 GHz est interdit dans les États membres non-BFWA.

Déclaration de conformité

Par les présentes, UBIQUITI déclare que ce dispositif, Wave-Pro, est conforme aux exigences essentielles et aux autres dispositions pertinentes des directives 2014/53/UE, 2014/30/UE, 2014/35/UE. Le texte complet de la déclaration de conformité UE et les informations de conformité détaillées sont disponibles à l'adresse Internet suivante : ui.com/compliance

Ubiquiti International Holding B.V.

Ekkersrijt 3102, Son, Pays-Bas

Sigurnosne obavijesti (ako je primjenjivo)
1. Pročitajte, slijedite i sačuvajte ove upute.
2. Obratite pažnju na sva upozorenja.
3. Koristite samo dodatke/pribor koje je odredio proizvođač.
! UPOZORENJE: Ako ne osigurate odgovarajuću ventilaciju, može doći do opasnosti od požara. Ostavite najmanje 20 mm slobodnog prostora pored ventilacijskih otvora za pravilan protok zraka.
! UPOZORENJE: Kako biste smanjili rizik od požara ili strujnog udara, nemojte izlagati ovaj proizvod kiši ili vlazi.
! UPOZORENJE: Nemojte koristiti ovaj proizvod na mjestima koja mogu biti potopljena u vodu.
! UPOZORENJE: Izbjegavajte korištenje ovog proizvoda tijekom nevremena. Zbog munje može postojati mali rizik od strujnog udara.
! UPOZORENJE: Koristite samo IEC/EN 60825-1:2014 SFP module klase I, a radi sigurnosti pazite da ne gledate izravno u krajeve kabela s vlaknima.
Informacije o električnoj sigurnosti (ako je primjenjivo)
1. Potrebno je pridržavati se zahtjeva napona, frekvencije i struje navedenih na naljepnici proizvođača. Spajanje na izvor napajanja koji se razlikuje od navedenog može rezultirati nepravilnim radom, oštećenjem opreme ili opasnošću od požara ako se ograničenja ne poštuju.
2. Unutar ove opreme nema dijelova koje može servisirati operater. Servis bi trebao obavljati samo kvalificirani serviser.
3. Ova oprema sadrži odvojivi kabel za napajanje koji ima integriranu sigurnosnu žicu za uzemljenje namijenjenu spajanju na uzemljenu sigurnosnu utičnicu.
a. Nemojte zamijeniti strujni kabel onim koji nije isporučenog odobrenog tipa. Nikada nemojte koristiti adapterski utikač za spajanje na 2-žičnu utičnicu jer će to narušiti kontinuitet žice za uzemljenje.
b. Oprema zahtijeva korištenje žice za uzemljenje kao dio sigurnosne certifikacije, prilagodba ili nepravilna upotreba mogu uzrokovati opasnost od strujnog udara koja može dovesti do ozbiljne ozljede ili smrti.
c. Ako imate pitanja o instalaciji prije spajanja opreme, obratite se kvalificiranom električaru ili proizvođaču.
d. Zaštitno uzemljenje osigurava navedeni AC adapter. Instalacija zgrade mora osigurati odgovarajuću zaštitu od kratkog spoja.
e. Zaštitno povezivanje mora biti postavljeno u skladu s lokalnim nacionalnim pravilima i propisima o ožičenju.
Izjava o izloženosti zračenju

• Ova oprema treba se instalirati i koristiti s minimalnim razmakom od 800 cm između radijatora i vašeg tijela.

• Ovaj odašiljač ne smije biti smješten niti raditi zajedno s bilo kojom drugom antenom ili odašiljačem.

Radna frekvencija (MHz):	2400-2483.5	5150-5350	5470-5725	5725-5875	57000-71000*
Maks. RF izlazna snaga:	≤ 20 dBm	≤ 23 dBm	≤ 30 dBm	≤ 36 dBm	≤ 55* dBm

*Neke regulatorne domene dopuštaju veću snagu i šire raspone frekvencija. Ovaj uređaj ograničen je za upotrebu u zatvorenom prostoru samo kada radi u frekvencijskom rasponu od 5150 – 5350 MHz unutar svih država članica. Rad u frekvencijskom pojasu od 5,9 GHz zabranjen je u državama koje nisu članice BFWA.

Izjava o sukladnosti

Ovime UBIQUITI izjavljuje da je ovaj uređaj, Wave-Pro, u skladu s bitnim zahtjevima i drugim relevantnim odredbama Direktiva 2014/53/EU, 2014/30/EU, 2014/35/EU. Uređaj ima softver koji ne može utjecati na usklađenost s RED, čak i ako se softver promijeni ili zamijeni. Cjeloviti tekst EU izjave o sukladnosti i detaljne informacije o usklađenosti dostupni su na sljedećoj internetskoj adresi: ui.com/compliance

Ubiquiti International Holding B.V.

Ekkersrijt 3102, Son, Nizozemska

Note sulla sicurezza (se applicabile)
1. Leggere, seguire e conservare le seguenti istruzioni.
2. Rispettare tutte le avvertenze.
3. Utilizzare solo gli accessori specificati dal produttore.
! AVVERTENZA: la mancata installazione di una ventilazione adeguata potrebbe causare il rischio di incendi. Lasciare almeno 20 mm di spazio accanto ai fori di ventilazione per un adeguato flusso dell'aria.
! AVVERTENZA: per ridurre il rischio di incendi o scosse elettriche, non esporre questo prodotto a pioggia o umidità.
! AVVERTENZA: non utilizzare il prodotto in un luogo che potrebbe essere sommerso dall'acqua.
! AVVERTENZA: evitare di utilizzare il prodotto durante un temporale. Potrebbe esserci il rischio, sia pure remoto, di scosse elettriche provocate dai fulmini.
! AVVERTENZA: Usare solo moduli SFP Classe I IEC/EN 60825-1:2014, e per sicurezza non guardare direttamente dentro le estremità dei cavi in fibra.
Informazioni sulla sicurezza elettrica (se applicabile)
1. È obbligatoria la conformità ai requisiti di tensione, frequenza e corrente, indicati sull'etichetta del produttore. Il collegamento a una fonte di alimentazione diversa da quella specificata potrebbe causare malfunzionamenti, danni alle apparecchiature o rischi di incendio se vengono ignorati i limiti.
2. Non vi sono parti riparabili dall'operatore in questa apparecchiatura. È necessario che l'assistenza venga fornita soltanto da un tecnico dell'assistenza qualificato.
3. Questa apparecchiatura viene fornita in dotazione con un cavo di alimentazione staccabile, munito di un cavo di messa a terra di sicurezza integrato, inteso per il collegamento a una presa elettrica con messa a terra.
a. Non sostituire il cavo di alimentazione con un cavo non approvato. Non utilizzare mai un adattatore per il collegamento a una presa a 2 cavi, perché ciò comprometterebbe la continuità della messa a terra.
b. L'apparecchiatura richiede l'uso del cavo di messa a terra come parte della certificazione di sicurezza. La modifica o l'uso inappropriato possono comportare rischi di scosse elettriche potenzialmente letali.
c. Contattare un elettricista qualificato o il produttore per eventuali domande sull'installazione prima di collegare l'apparecchiatura.
d. Un impianto protettivo di messa a terra è fornito dall'adattatore CA in elenco nel presente documento. L'installazione negli edifici deve fornire una protezione di backup adeguata contro i cortocircuiti.
e. Il collegamento equipotenziale di protezione va installato in conformità alle norme e alle direttive locali nazionali in materia di cablaggio.
Dichiarazione sull'esposizione alle radiazioni

• Questo apparecchio deve essere installato e utilizzato a una distanza minima di 800 cm tra il radiatore e il corpo.

• Il trasmettitore non deve essere installato o utilizzato insieme a un'altra antenna o trasmettitore.

Bande di frequenza di funzionamento (MHz):	2400-2483.5	5150-5350	5470-5725	5725-5875	57000-71000*
Potenza massima in uscita RF:	≤ 20 dBm	≤ 23 dBm	≤ 30 dBm	≤ 36 dBm	≤ 55* dBm

*Alcuni ambiti di legge permettono maggiore potenza e intervalli di frequenza più ampi. L'uso di questo dispositivo è permesso solo al chiuso solo quando opera nell'intervallo di frequenze 5150 – 5350 MHz in tutti gli stati membri. L'uso nella frequenza di 5,9 GHz è proibito in tutti gli stati membri non BFWA.

Dichiarazione di conformità

Con la presente, UBIQUITI dichiara che il presente dispositivo, Wave-Pro, è conforme ai requisiti essenziali e alle altre disposizioni pertinenti delle direttive 2014/53/UE, 2014/30/UE, 2014/35/UE. Il software del dispositivo non può avere effetto sulla conformità con la RED, anche se il software viene modificato o sostituito. Il testo completo della dichiarazione di conformità UE e le informazioni dettagliate sulla conformità sono disponibili al seguente indirizzo: ui.com/compliance

Ubiquiti International Holding B.V.

Ekkersrijt 3102, Son, Paesi Bassi

Saugaus naudojimo atmintinė (jei yra)
1. Perskaitykite, vadovaukitės ir išsaugokite šias instrukcijas.
2. Paisykite visų įspėjimų.
3. Naudokite tik gamintojo nurodytus priedus / reikmenis.
! ĮSPĖJIMAS: negarantuojant tinkamo vėdinimo gali kilti gaisro pavojus. Palikite mažiausiai 20 mm tarpą nuo vėdinimo angų, kad būtų pakankamai oro srauto.
! ĮSPĖJIMAS: norėdami sumažinti gaisro ar elektros smūgio pavojų, saugokite, kad ant gaminio nelytų lietus ar nepatektų drėgmės.
! ĮSPĖJIMAS: nenaudokite šio gaminio vietoje, kurią gali užlieti vanduo.
! ĮSPĖJIMAS: nenaudokite šio gaminio per perkūniją. Dėl žaibo gali kilti nedidelė elektros smūgio rizika.
! ĮSPĖJIMAS: Naudokite tik IEC/EN 60825-1:2014 I klasės SFP modulius, o dėl saugumo nežiūrėkite tiesiai į šviesolaidinio kabelio galus.
Elektros saugos informacija (jei yra)
1. Reikia laikytis įtampos, dažnio ir srovės reikalavimų, nurodytų ant gamintojo duomenų plokštelės. Jei neria paisoma apribojimų prijungus prie kito, nei nurodyta, maitinimo šaltinio, gali veikti netinkamai, būti sugadinta įranga ar kilti gaisro pavojus.
2. Šioje įrangoje nėra dalių, kurias prižiūrėti galėtų naudotojas. Priežiūros darbus turi atlikti kvalifikuotas techninės priežiūros specialistas.
3. Ši įranga pateikiama su atjungiamu maitinimo kabeliu, kuris turi integruotą apsauginį įžeminimo laidą, skirtą jungti į įžemintą apsauginį lizdą.
a. Nekeiskite maitinimo kabelio nepatvirtintu arba netinkamo tipo. Jokiu būdu nenaudokite adapterio kištuko 2 laidų lizdui, nes taip bus nutraukta įžeminimo laido grandinė.
b. Reikia naudoti įžeminimo laidą su įranga kaip apsaugine priemone. Modifikavimas ar netinkamas naudojimas gali sukelti elektros smūgio pavojų, dėl kurio galima sunkiai susižeisti arba žūti.
c. Prieš jungdami įrangą, kreipkitės į kvalifikuotą elektriką ar gamintoją, jei turite klausimų dėl montavimo.
d. Apsauginį įžeminimą užtikrina nurodytas KS adapteris. Pastato įrengimas turi užtikrinti tinkamą atsarginę apsaugą nuo trumpojo jungimo.
e. Būtina įrengti apsauginį ryšį, atitinkantį šalies vietinius laidų įrengimo taisykles ir reglamentus.
Teiginys dėl spinduliuotės poveikio

• Šią įrangą reikia sumontuoti ir naudoti ne mažesniu kaip 800 cm atstumu nuo radiatoriaus ir jūsų kūno.

• Šis siųstuvas neturi būti sumontuotas arba veikti kartu su kita antena ar siųstuvu.

Darbinio dažnio juostos (MHz):	2400-2483.5	5150-5350	5470-5725	5725-5875	57000-71000*
Didž. RF išėjimo galia:	≤ 20 dBm	≤ 23 dBm	≤ 30 dBm	≤ 36 dBm	≤ 55* dBm

*Kai kurie reguliavimo sektoriai leidžia naudoti didesnę galią ir platesnį dažnių diapazoną. Šį prietaisą leidžiama naudoti tik patalpose tuo atveju, kai jis veikia 5150 – 5350 MHz dažnių juostoje. Naudojamas 5,9 GHz dažnių juostoje draudžiama ne BFWA valstybėse narėse.

Atitikties deklaracija

Šiuo UBIQUITI patvirtina, kad šis įrenginys, Wave-Pro, atitinka esminius Direktyvų 2014/53/ES, 2014/30/ES, 2014/35/ES reikalavimus ir kitas susijusias nuostatas. Visas ES atitikties deklaracijos tekstas ir išsami informacija apie atitiktį pateikta šiuo interneto adresu: ui.com/compliance

Ubiquiti International Holding B.V.

Ekkersrijt 3102, Son, Nyderlandai

Drošības paziņojumi (ja attiecināms)
1. Izlasiet, ievērojiet un saglabājiet šos norādījumus.
2. Ievērojiet visus brīdinājumus.
3. Izmantojiet tikai ražotāja norādītos piederumus/piederumus.
! BRĪDINĀJUMS: nepietiekama ventilācija var izraisīt ugunsbīstamību. Nodrošiniet vismaz 20 mm brīvas vietas pie ventilācijas atverēm, lai gaisa plūsma būtu pietiekama.
! BRĪDINĀJUMS: lai samazinātu ugunsgrēka vai elektriskās strāvas trieciena risku, nepakļaujiet šo produktu lietus vai mitruma iedarbībai.
! BRĪDINĀJUMS: nelietojiet šo produktu vietā, kuru var applūdināt ūdens.
! BRĪDINĀJUMS: nelietojiet šo produktu negaisa laikā. Zibens dēļ var pastāvēt neliels elektriskās strāvas trieciena risks.
! BRĪDINĀJUMS: Izmantojiet tikai IEC/EN 60825-1:2014 I klases SFP moduļus un drošības nolūkos neskatieties tieši optisko kabeļu galos.
Elektrodrošības informācija (ja attiecināms)
1. Jāievēro sprieguma, frekvences un strāvas prasības, kas norādītas ražotāja etiķetē. Pievienojot citam strāvas avotam, nevis norādītajiem, var rasties nepareiza darbība, aprīkojuma bojājumi vai ugunsbīstamība, ja netiek ievēroti ierobežojumi.
2. Šajā aprīkojumā nav daļu, kuras var apkopt lietotājs. Apkopi drīkst veikt tikai kvalificēts apkopes tehniķis.
3. Šis aprīkojums ir aprīkots ar atvienojamu strāvas vadu, kuram ir iebūvēts drošības zemējuma vads, kas paredzēts pievienošanai iezemētai drošības kontaktligzdai.
a. Neaizstājiet strāvas vadu ar citu, kas nav apstiprināta tipa. Nekad neizmantojiet adaptera kontaktdakšu, lai pievienotu 2 vadu kontaktligzdai, jo tas izjauks zemējuma vada savienojumu.
b. Aprīkojuma drošības sertifikācijas ietvaros ir jāizmanto zemējuma vads; modifikācija vai nepareiza lietošana var radīt elektriskās strāvas trieciena risku.
c. Sazinieties ar kvalificētu elektriķi vai ražotāju, ja pirms aprīkojuma pievienošanas jums ir jautājumi par uzstādīšanu.
d. Aizsargzemējumu nodrošina norādītais maiņstrāvas adapteris. Ēkas instalācijai ir jānodrošina piemērota rezerves aizsardzība pret īssavienojumu.
e. Aizsardzības savienojumi jāuzstāda saskaņā ar vietējiem valsts elektroinstalācijas noteikumiem un regulām.
Paziņojums par starojuma iedarbību

• Šis aprīkojums jāuzstāda un jāizmanto, ievērojot vismaz 800 cm attālumu starp starojuma avotu un jūsu ķermeni.

• Šo raidītāju nedrīkst novietot vai darbināt kopā ar jebkuru citu antenu vai raidītāju.

Darbības frekvenču joslas (MHz):	2400-2483.5	5150-5350	5470-5725	5725-5875	57000-71000*
Maksimālā radiofrekvenču izejas jauda:	≤ 20 dBm	≤ 23 dBm	≤ 30 dBm	≤ 36 dBm	≤ 55* dBm

*Dažos normatīvajos domēnos ir atļauta lielāka jauda un plašāki frekvenču diapazoni. Šī ierīce ir ierobežota tikai lietošanai iekštelpās, ja darbojas 5150 – 5350 MHz frekvenču diapazonā visās dalībvalstīs. Darbība 5,9 GHz frekvenču joslā ir aizliegta dalībvalstīs, kas nav BFWA dalībvalstis.

Atbilstības deklarācija

Ar šo UBIQUITI paziņo, ka šī ierīce Wave-Pro atbilst direktīvu 2014/53/ES, 2014/30/ES, 2014/35/ES pamatprasībām un citiem attiecīgajiem noteikumiem. Pilns ES atbilstības deklarācijas teksts un detalizēta informācija par atbilstību ir pieejama šajā interneta adresē: ui.com/compliance

Ubiquiti International Holding B.V.

Ekkersrijt 3102, Son, Nīderlande
